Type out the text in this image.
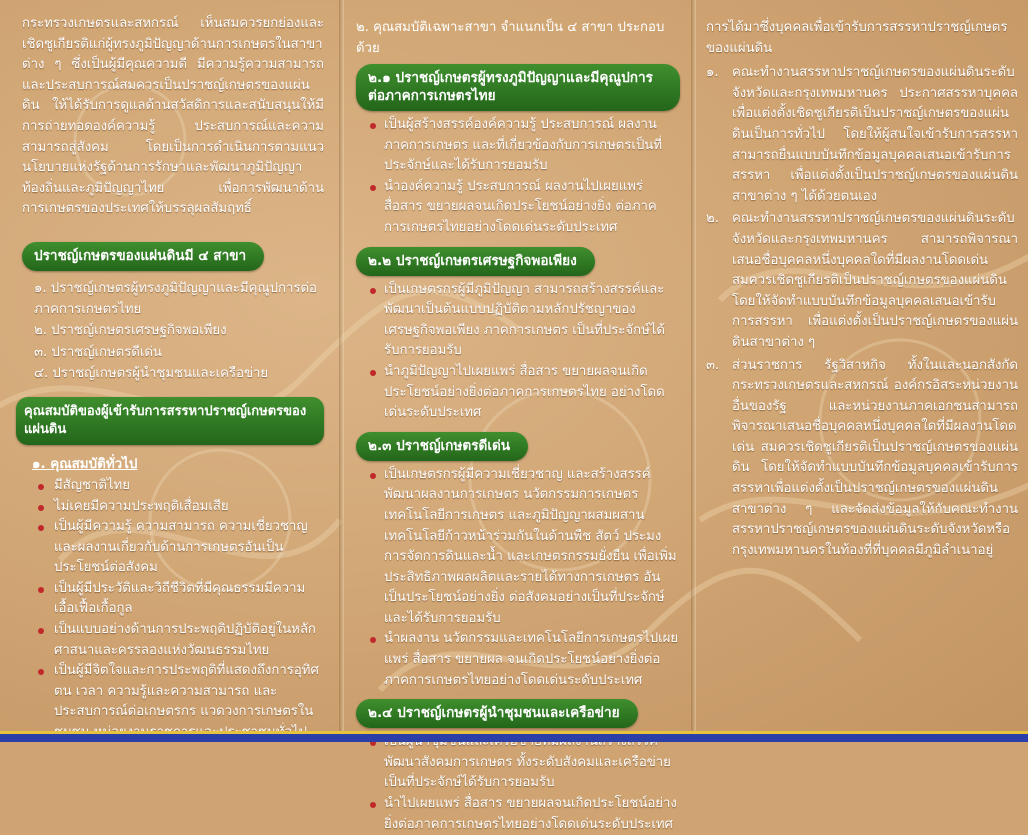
กระทรวงเกษตรและสหกรณ์ เห็นสมควรยกย่องและเชิดชูเกียรติแก่ผู้ทรงภูมิปัญญาด้านการเกษตรในสาขาต่าง ๆ ซึ่งเป็นผู้มีคุณความดี มีความรู้ความสามารถและประสบการณ์สมควรเป็นปราชญ์เกษตรของแผ่นดิน ให้ได้รับการดูแลด้านสวัสดิการและสนับสนุนให้มีการถ่ายทอดองค์ความรู้ ประสบการณ์และความสามารถสู่สังคม โดยเป็นการดำเนินการตามแนวนโยบายแห่งรัฐด้านการรักษาและพัฒนาภูมิปัญญาท้องถิ่นและภูมิปัญญาไทย เพื่อการพัฒนาด้านการเกษตรของประเทศให้บรรลุผลสัมฤทธิ์

ปราชญ์เกษตรของแผ่นดินมี ๔ สาขา
๑. ปราชญ์เกษตรผู้ทรงภูมิปัญญาและมีคุณูปการต่อภาคการเกษตรไทย
๒. ปราชญ์เกษตรเศรษฐกิจพอเพียง
๓. ปราชญ์เกษตรดีเด่น
๔. ปราชญ์เกษตรผู้นำชุมชนและเครือข่าย
คุณสมบัติของผู้เข้ารับการสรรหาปราชญ์เกษตรของแผ่นดิน
๑. คุณสมบัติทั่วไป
มีสัญชาติไทย
ไม่เคยมีความประพฤติเสื่อมเสีย
เป็นผู้มีความรู้ ความสามารถ ความเชี่ยวชาญและผลงานเกี่ยวกับด้านการเกษตรอันเป็นประโยชน์ต่อสังคม
เป็นผู้มีประวัติและวิถีชีวิตที่มีคุณธรรมมีความเอื้อเฟื้อเกื้อกูล
เป็นแบบอย่างด้านการประพฤติปฏิบัติอยู่ในหลักศาสนาและครรลองแห่งวัฒนธรรมไทย
เป็นผู้มีจิตใจและการประพฤติที่แสดงถึงการอุทิศตน เวลา ความรู้และความสามารถ และประสบการณ์ต่อเกษตรกร แวดวงการเกษตรใน
๒. คุณสมบัติเฉพาะสาขา จำแนกเป็น ๔ สาขา ประกอบด้วย
๒.๑ ปราชญ์เกษตรผู้ทรงภูมิปัญญาและมีคุณูปการต่อภาคการเกษตรไทย
เป็นผู้สร้างสรรค์องค์ความรู้ ประสบการณ์ ผลงานภาคการเกษตร และที่เกี่ยวข้องกับการเกษตรเป็นที่ประจักษ์และได้รับการยอมรับ
นำองค์ความรู้ ประสบการณ์ ผลงานไปเผยแพร่ สื่อสาร ขยายผลจนเกิดประโยชน์อย่างยิ่ง ต่อภาคการเกษตรไทยอย่างโดดเด่นระดับประเทศ
๒.๒ ปราชญ์เกษตรเศรษฐกิจพอเพียง
เป็นเกษตรกรผู้มีภูมิปัญญา สามารถสร้างสรรค์และพัฒนาเป็นต้นแบบปฏิบัติตามหลักปรัชญาของเศรษฐกิจพอเพียง ภาคการเกษตร เป็นที่ประจักษ์ได้รับการยอมรับ
นำภูมิปัญญาไปเผยแพร่ สื่อสาร ขยายผลจนเกิดประโยชน์อย่างยิ่งต่อภาคการเกษตรไทย อย่างโดดเด่นระดับประเทศ
๒.๓ ปราชญ์เกษตรดีเด่น
เป็นเกษตรกรผู้มีความเชี่ยวชาญ และสร้างสรรค์พัฒนาผลงานการเกษตร นวัตกรรมการเกษตรเทคโนโลยีการเกษตร และภูมิปัญญาผสมผสานเทคโนโลยีก้าวหน้าร่วมกันในด้านพืช สัตว์ ประมง การจัดการดินและน้ำ และเกษตรกรรมยั่งยืน เพื่อเพิ่มประสิทธิภาพผลผลิตและรายได้ทางการเกษตร อันเป็นประโยชน์อย่างยิ่ง ต่อสังคมอย่างเป็นที่ประจักษ์และได้รับการยอมรับ
นำผลงาน นวัตกรรมและเทคโนโลยีการเกษตรไปเผยแพร่ สื่อสาร ขยายผล จนเกิดประโยชน์อย่างยิ่งต่อภาคการเกษตรไทยอย่างโดดเด่นระดับประเทศ
๒.๔ ปราชญ์เกษตรผู้นำชุมชนและเครือข่าย
พัฒนาสังคมการเกษตร ทั้งระดับสังคมและเครือข่ายเป็นที่ประจักษ์ได้รับการยอมรับ
นำไปเผยแพร่ สื่อสาร ขยายผลจนเกิดประโยชน์อย่างยิ่งต่อภาคการเกษตรไทยอย่างโดดเด่นระดับประเทศ

การได้มาซึ่งบุคคลเพื่อเข้ารับการสรรหาปราชญ์เกษตรของแผ่นดิน

๑. คณะทำงานสรรหาปราชญ์เกษตรของแผ่นดินระดับจังหวัดและกรุงเทพมหานคร ประกาศสรรหาบุคคลเพื่อแต่งตั้งเชิดชูเกียรติเป็นปราชญ์เกษตรของแผ่นดินเป็นการทั่วไป โดยให้ผู้สนใจเข้ารับการสรรหาสามารถยื่นแบบบันทึกข้อมูลบุคคลเสนอเข้ารับการสรรหา เพื่อแต่งตั้งเป็นปราชญ์เกษตรของแผ่นดินสาขาต่าง ๆ ได้ด้วยตนเอง
๒. คณะทำงานสรรหาปราชญ์เกษตรของแผ่นดินระดับจังหวัดและกรุงเทพมหานคร สามารถพิจารณาเสนอชื่อบุคคลหนึ่งบุคคลใดที่มีผลงานโดดเด่น สมควรเชิดชูเกียรติเป็นปราชญ์เกษตรของแผ่นดิน โดยให้จัดทำแบบบันทึกข้อมูลบุคคลเสนอเข้ารับการสรรหา เพื่อแต่งตั้งเป็นปราชญ์เกษตรของแผ่นดินสาขาต่าง ๆ
๓. ส่วนราชการ รัฐวิสาหกิจ ทั้งในและนอกสังกัดกระทรวงเกษตรและสหกรณ์ องค์กรอิสระหน่วยงานอื่นของรัฐ และหน่วยงานภาคเอกชนสามารถพิจารณาเสนอชื่อบุคคลหนึ่งบุคคลใดที่มีผลงานโดดเด่น สมควรเชิดชูเกียรติเป็นปราชญ์เกษตรของแผ่นดิน โดยให้จัดทำแบบบันทึกข้อมูลบุคคลเข้ารับการสรรหาเพื่อแต่งตั้งเป็นปราชญ์เกษตรของแผ่นดินสาขาต่าง ๆ และจัดส่งข้อมูลให้กับคณะทำงานสรรหาปราชญ์เกษตรของแผ่นดินระดับจังหวัดหรือกรุงเทพมหานครในท้องที่ที่บุคคลมีภูมิลำเนาอยู่
